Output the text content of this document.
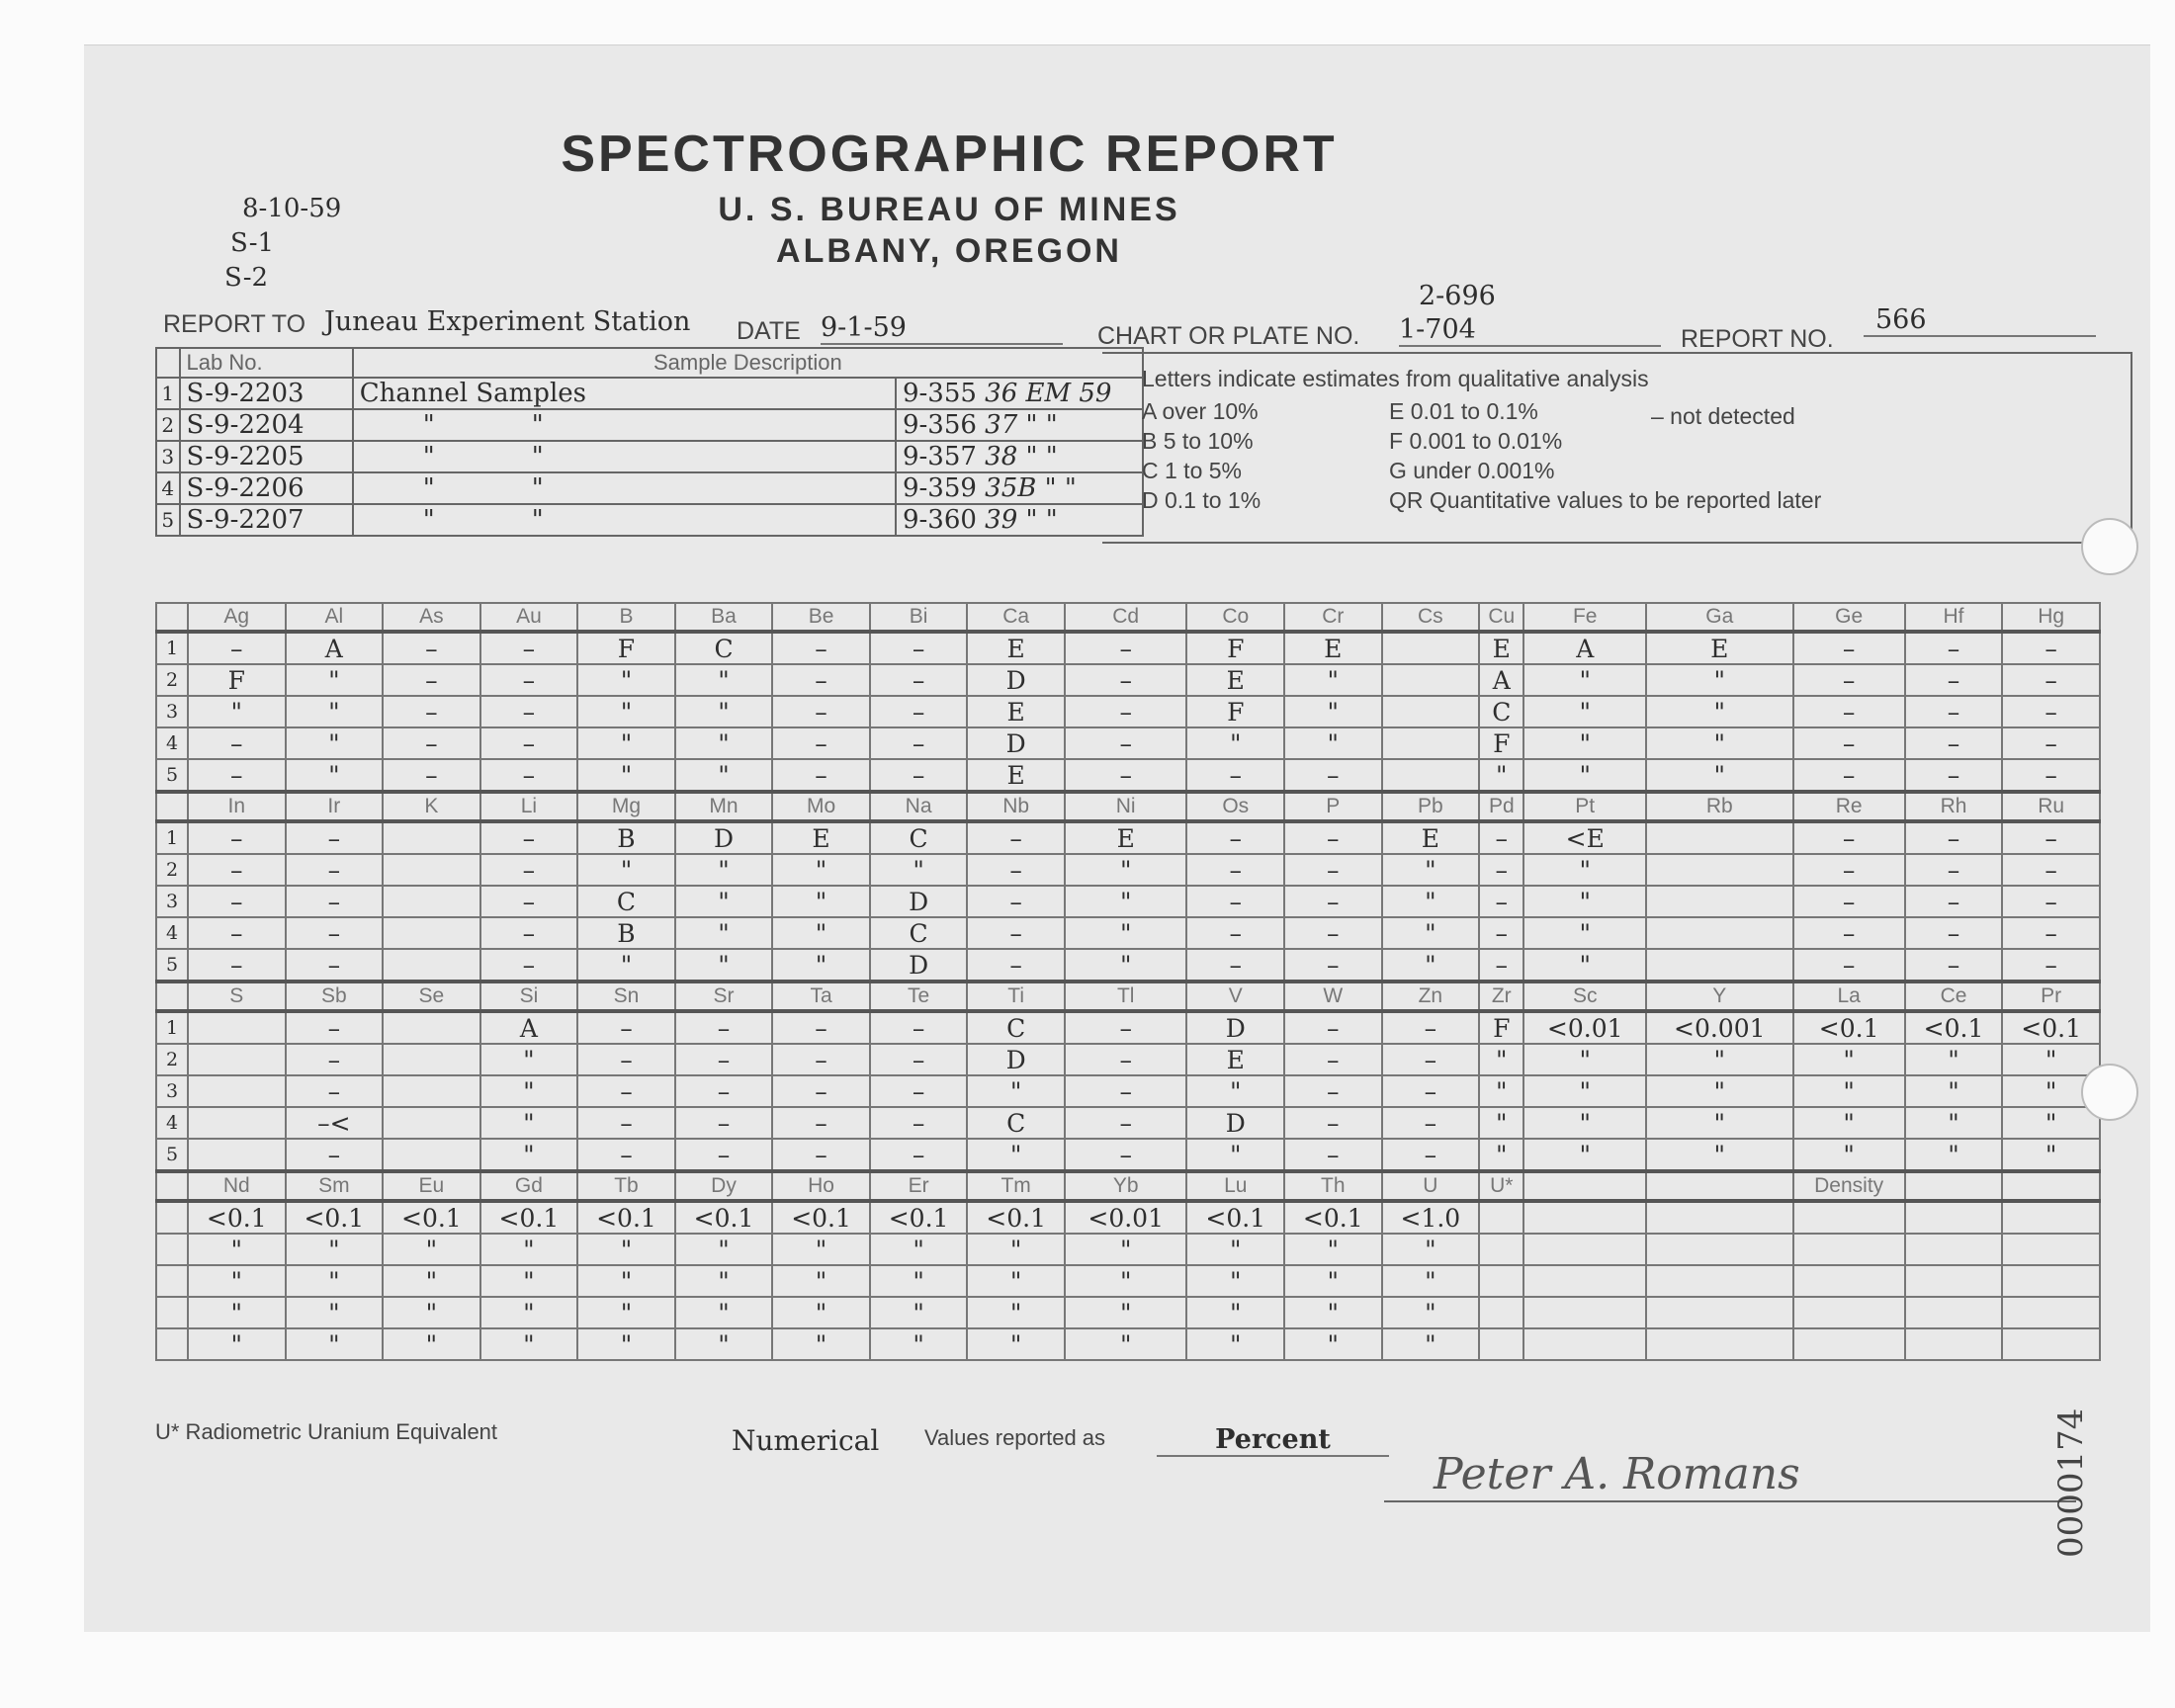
SPECTROGRAPHIC REPORT
U. S. BUREAU OF MINES
ALBANY, OREGON
8-10-59
S-1
S-2
REPORT TO Juneau Experiment Station DATE 9-1-59	CHART OR PLATE NO.
2-696
1-704	REPORT NO.
566
	Lab No.	Sample Description	
1	S-9-2203	Channel Samples	9-355 36 EM 59
2	S-9-2204	" "	9-356 37 " "
3	S-9-2205	" "	9-357 38 " "
4	S-9-2206	" "	9-359 35B " "
5	S-9-2207	" "	9-360 39 " "
Letters indicate estimates from qualitative analysis
A over 10%
B 5 to 10%
C 1 to 5%
D 0.1 to 1%
E 0.01 to 0.1%
F 0.001 to 0.01%
G under 0.001%
QR Quantitative values to be reported later
– not detected
	Ag	Al	As	Au	B	Ba	Be	Bi	Ca	Cd	Co	Cr	Cs	Cu	Fe	Ga	Ge	Hf	Hg
1	–	A	–	–	F	C	–	–	E	–	F	E		E	A	E	–	–	–
2	F	"	–	–	"	"	–	–	D	–	E	"		A	"	"	–	–	–
3	"	"	–	–	"	"	–	–	E	–	F	"		C	"	"	–	–	–
4	–	"	–	–	"	"	–	–	D	–	"	"		F	"	"	–	–	–
5	–	"	–	–	"	"	–	–	E	–	–	–		"	"	"	–	–	–
	In	Ir	K	Li	Mg	Mn	Mo	Na	Nb	Ni	Os	P	Pb	Pd	Pt	Rb	Re	Rh	Ru
1	–	–		–	B	D	E	C	–	E	–	–	E	–	<E		–	–	–
2	–	–		–	"	"	"	"	–	"	–	–	"	–	"		–	–	–
3	–	–		–	C	"	"	D	–	"	–	–	"	–	"		–	–	–
4	–	–		–	B	"	"	C	–	"	–	–	"	–	"		–	–	–
5	–	–		–	"	"	"	D	–	"	–	–	"	–	"		–	–	–
	S	Sb	Se	Si	Sn	Sr	Ta	Te	Ti	Tl	V	W	Zn	Zr	Sc	Y	La	Ce	Pr
1		–		A	–	–	–	–	C	–	D	–	–	F	<0.01	<0.001	<0.1	<0.1	<0.1
2		–		"	–	–	–	–	D	–	E	–	–	"	"	"	"	"	"
3		–		"	–	–	–	–	"	–	"	–	–	"	"	"	"	"	"
4		–<		"	–	–	–	–	C	–	D	–	–	"	"	"	"	"	"
5		–		"	–	–	–	–	"	–	"	–	–	"	"	"	"	"	"
	Nd	Sm	Eu	Gd	Tb	Dy	Ho	Er	Tm	Yb	Lu	Th	U	U*			Density		
	<0.1	<0.1	<0.1	<0.1	<0.1	<0.1	<0.1	<0.1	<0.1	<0.01	<0.1	<0.1	<1.0						
	"	"	"	"	"	"	"	"	"	"	"	"	"						
	"	"	"	"	"	"	"	"	"	"	"	"	"						
	"	"	"	"	"	"	"	"	"	"	"	"	"						
	"	"	"	"	"	"	"	"	"	"	"	"	"						
U* Radiometric Uranium Equivalent	Numerical Values reported as	Percent
Peter A. Romans	0000174
